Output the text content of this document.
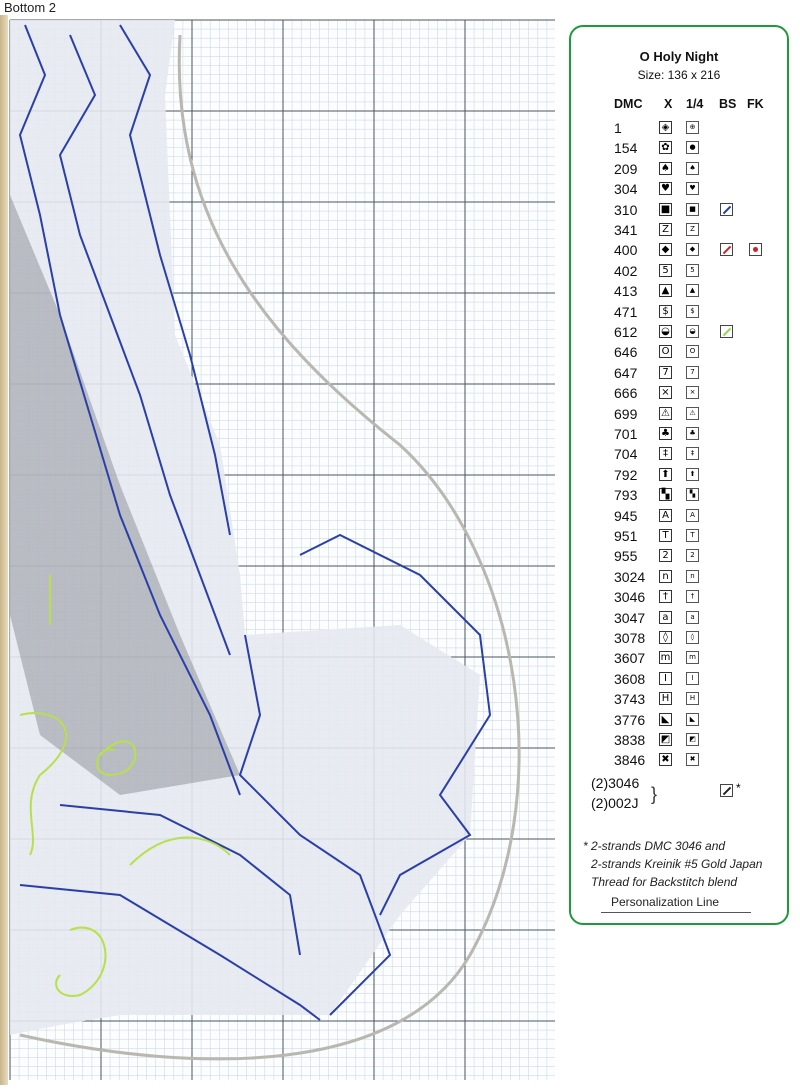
Bottom 2
O Holy Night
Size: 136 x 216
DMC X 1/4 BS FK
1	◈	⊕
154 ✿	●
209 ♠	♠
304 ♥	♥
310 ■	■
341	Z	Z
400 ◆	◆
402	5	5
413 ▲	▲
471	$	$
612 ◒	◒
646 O	O
647	7	7
666 ⨯	⨯
699 ⚠	⚠
701 ♣	♣
704	‡	‡
792 ⬆	⬆
793 ▚	▚
945	A	A
951	T	T
955	2	2
3024	n	n
3046	†	†
3047	a	a
3078	◊	◊
3607 m	m
3608	I	I
3743 H	H
3776 ◣	◣
3838 ◩	◩
3846 ✖	✖
(2)3046
(2)002J }	*
* 2-strands DMC 3046 and
2-strands Kreinik #5 Gold Japan
Thread for Backstitch blend
Personalization Line
